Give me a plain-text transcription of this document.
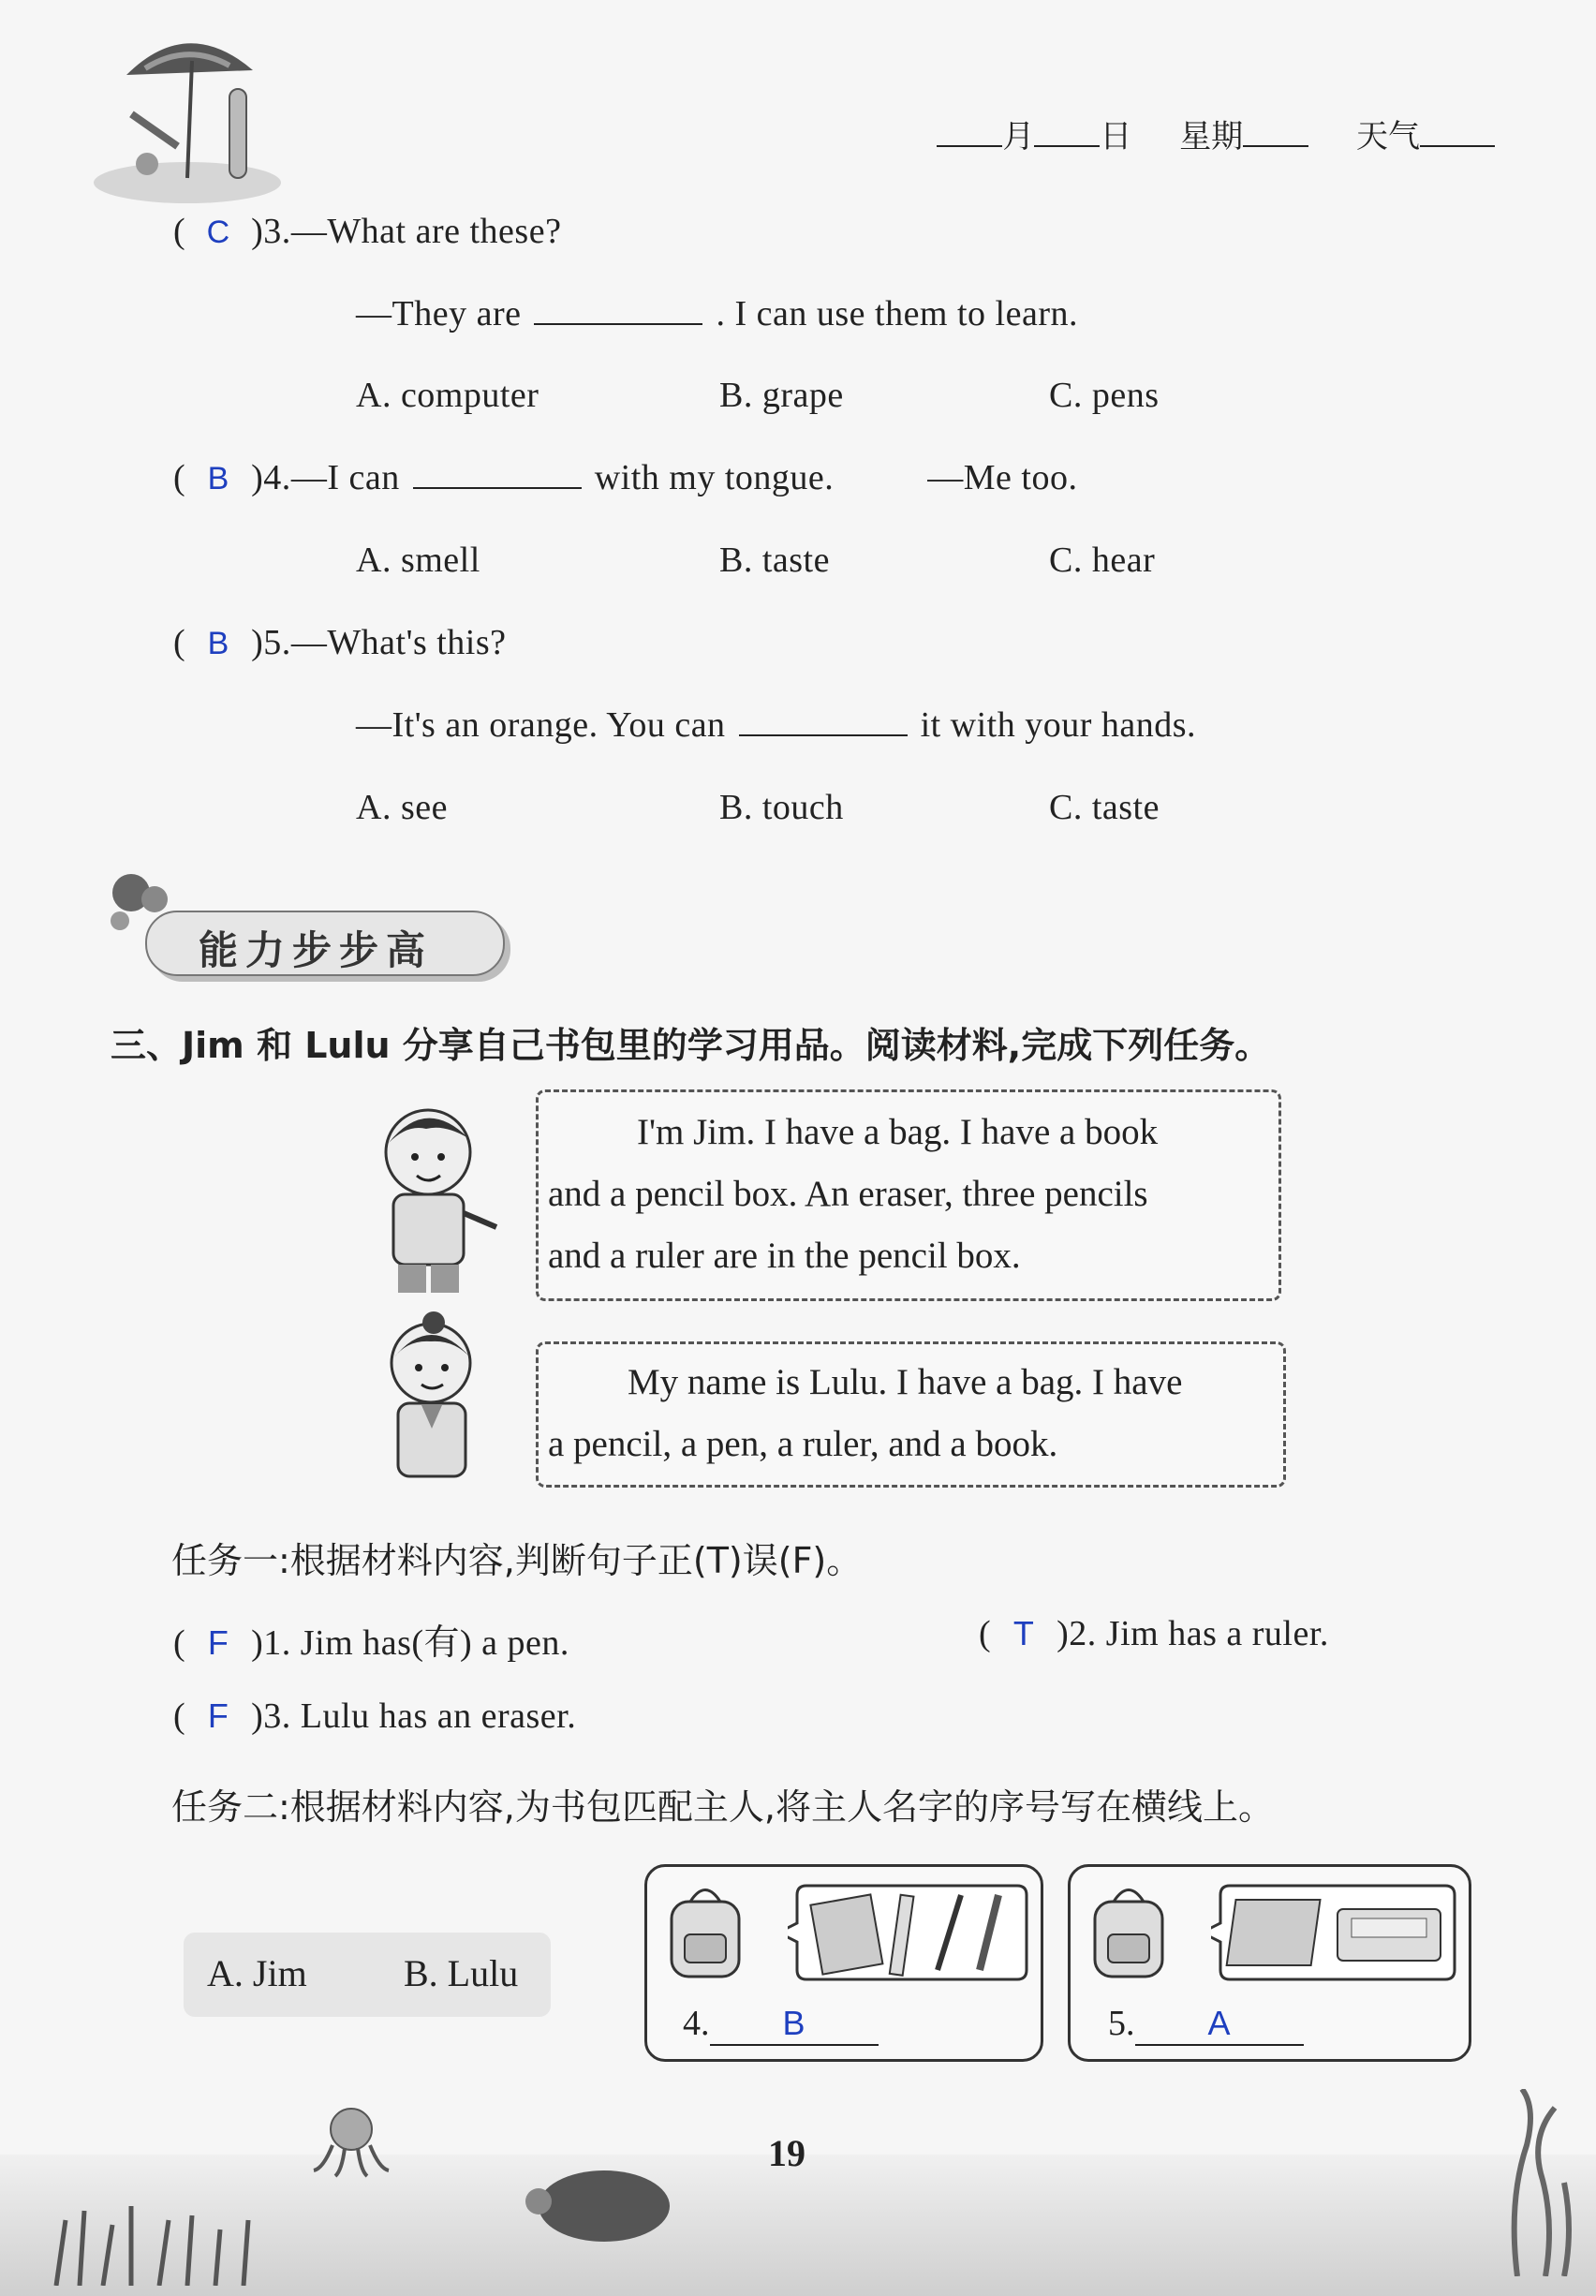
月 日 星期	天气
( C )3.—What are these?
—They are	. I can use them to learn.
A. computer	B. grape	C. pens
( B )4.—I can	with my tongue.	—Me too.
A. smell	B. taste	C. hear
( B )5.—What's this?
—It's an orange. You can	it with your hands.
A. see	B. touch	C. taste
能力步步高
三、Jim 和 Lulu 分享自己书包里的学习用品。阅读材料,完成下列任务。

I'm Jim. I have a bag. I have a book

and a pencil box. An eraser, three pencils

and a ruler are in the pencil box.

My name is Lulu. I have a bag. I have

a pencil, a pen, a ruler, and a book.

任务一:根据材料内容,判断句子正(T)误(F)。
( F )1. Jim has(有) a pen.	( T )2. Jim has a ruler.
( F )3. Lulu has an eraser.
任务二:根据材料内容,为书包匹配主人,将主人名字的序号写在横线上。
A. Jim	B. Lulu
4. B	5. A
19
